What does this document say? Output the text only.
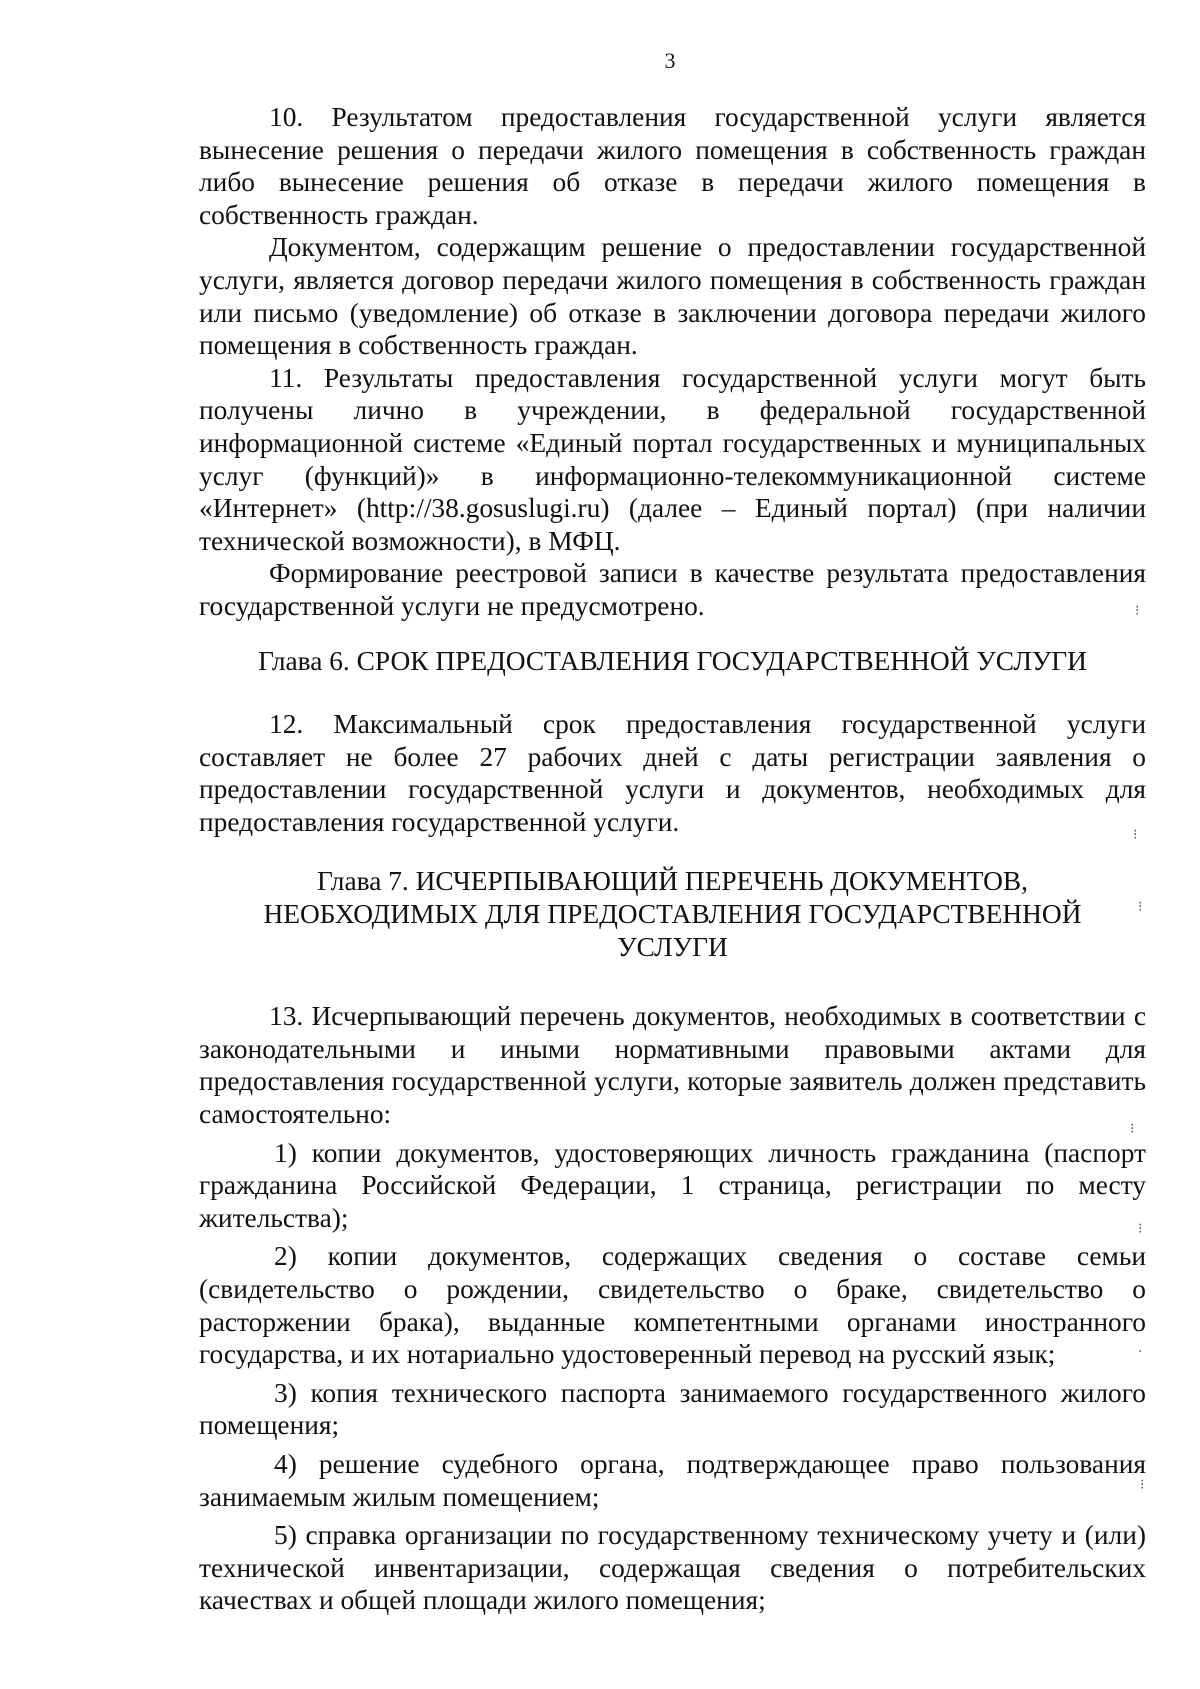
3

10. Результатом предоставления государственной услуги является вынесение решения о передачи жилого помещения в собственность граждан либо вынесение решения об отказе в передачи жилого помещения в собственность граждан.

Документом, содержащим решение о предоставлении государственной услуги, является договор передачи жилого помещения в собственность граждан или письмо (уведомление) об отказе в заключении договора передачи жилого помещения в собственность граждан.

11. Результаты предоставления государственной услуги могут быть получены лично в учреждении, в федеральной государственной информационной системе «Единый портал государственных и муниципальных услуг (функций)» в информационно-телекоммуникационной системе «Интернет» (http://38.gosuslugi.ru) (далее – Единый портал) (при наличии технической возможности), в МФЦ.

Формирование реестровой записи в качестве результата предоставления государственной услуги не предусмотрено.

Глава 6. СРОК ПРЕДОСТАВЛЕНИЯ ГОСУДАРСТВЕННОЙ УСЛУГИ

12. Максимальный срок предоставления государственной услуги составляет не более 27 рабочих дней с даты регистрации заявления о предоставлении государственной услуги и документов, необходимых для предоставления государственной услуги.

Глава 7. ИСЧЕРПЫВАЮЩИЙ ПЕРЕЧЕНЬ ДОКУМЕНТОВ,
НЕОБХОДИМЫХ ДЛЯ ПРЕДОСТАВЛЕНИЯ ГОСУДАРСТВЕННОЙ
УСЛУГИ

13. Исчерпывающий перечень документов, необходимых в соответствии с законодательными и иными нормативными правовыми актами для предоставления государственной услуги, которые заявитель должен представить самостоятельно:

1) копии документов, удостоверяющих личность гражданина (паспорт гражданина Российской Федерации, 1 страница, регистрации по месту жительства);

2) копии документов, содержащих сведения о составе семьи (свидетельство о рождении, свидетельство о браке, свидетельство о расторжении брака), выданные компетентными органами иностранного государства, и их нотариально удостоверенный перевод на русский язык;

3) копия технического паспорта занимаемого государственного жилого помещения;

4) решение судебного органа, подтверждающее право пользования занимаемым жилым помещением;

5) справка организации по государственному техническому учету и (или) технической инвентаризации, содержащая сведения о потребительских качествах и общей площади жилого помещения;

⁝
⁝
⁝
⁝
⁝
·
⁝
